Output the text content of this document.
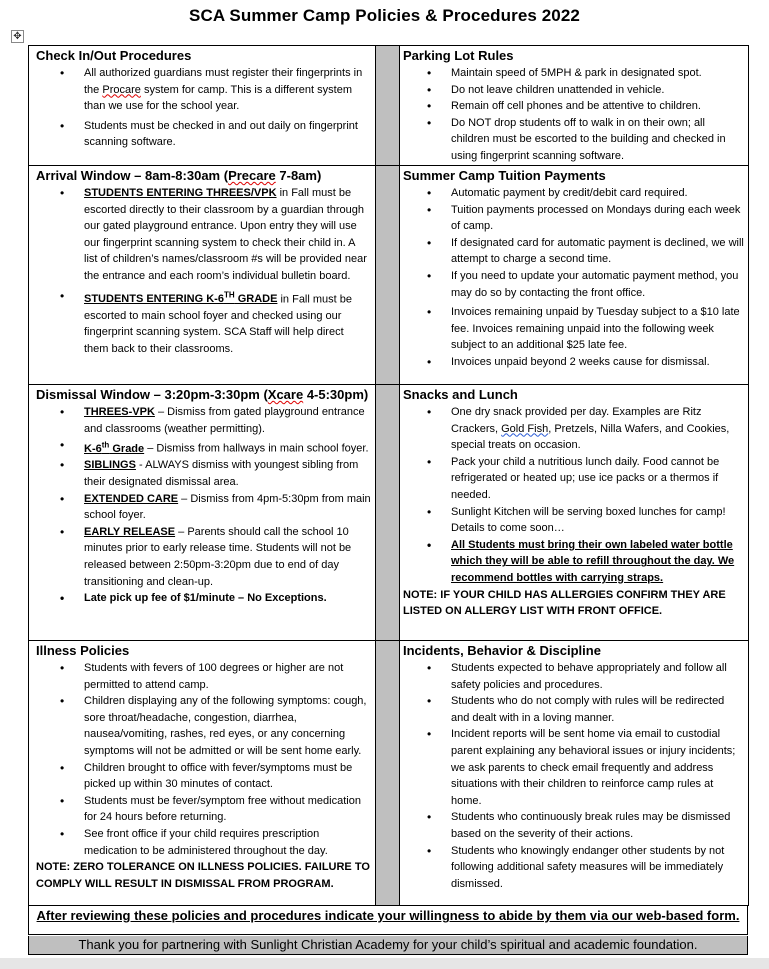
SCA Summer Camp Policies & Procedures 2022
✥
Check In/Out Procedures
• All authorized guardians must register their fingerprints in the Procare system for camp. This is a different system than we use for the school year.
• Students must be checked in and out daily on fingerprint scanning software.
Parking Lot Rules
• Maintain speed of 5MPH & park in designated spot.
• Do not leave children unattended in vehicle.
• Remain off cell phones and be attentive to children.
• Do NOT drop students off to walk in on their own; all children must be escorted to the building and checked in using fingerprint scanning software.
Arrival Window – 8am-8:30am (Precare 7-8am)
• STUDENTS ENTERING THREES/VPK in Fall must be escorted directly to their classroom by a guardian through our gated playground entrance. Upon entry they will use our fingerprint scanning system to check their child in. A list of children’s names/classroom #s will be provided near the entrance and each room’s individual bulletin board.
• STUDENTS ENTERING K-6TH GRADE in Fall must be escorted to main school foyer and checked using our fingerprint scanning system. SCA Staff will help direct them back to their classrooms.
Summer Camp Tuition Payments
• Automatic payment by credit/debit card required.
• Tuition payments processed on Mondays during each week of camp.
• If designated card for automatic payment is declined, we will attempt to charge a second time.
• If you need to update your automatic payment method, you may do so by contacting the front office.
• Invoices remaining unpaid by Tuesday subject to a $10 late fee. Invoices remaining unpaid into the following week subject to an additional $25 late fee.
• Invoices unpaid beyond 2 weeks cause for dismissal.
Dismissal Window – 3:20pm-3:30pm (Xcare 4-5:30pm)
• THREES-VPK – Dismiss from gated playground entrance and classrooms (weather permitting).
• K-6th Grade – Dismiss from hallways in main school foyer.
• SIBLINGS - ALWAYS dismiss with youngest sibling from their designated dismissal area.
• EXTENDED CARE – Dismiss from 4pm-5:30pm from main school foyer.
• EARLY RELEASE – Parents should call the school 10 minutes prior to early release time. Students will not be released between 2:50pm-3:20pm due to end of day transitioning and clean-up.
• Late pick up fee of $1/minute – No Exceptions.
Snacks and Lunch
• One dry snack provided per day. Examples are Ritz Crackers, Gold Fish, Pretzels, Nilla Wafers, and Cookies, special treats on occasion.
• Pack your child a nutritious lunch daily. Food cannot be refrigerated or heated up; use ice packs or a thermos if needed.
• Sunlight Kitchen will be serving boxed lunches for camp! Details to come soon…
• All Students must bring their own labeled water bottle which they will be able to refill throughout the day. We recommend bottles with carrying straps.

NOTE: IF YOUR CHILD HAS ALLERGIES CONFIRM THEY ARE LISTED ON ALLERGY LIST WITH FRONT OFFICE.

Illness Policies
• Students with fevers of 100 degrees or higher are not permitted to attend camp.
• Children displaying any of the following symptoms: cough, sore throat/headache, congestion, diarrhea, nausea/vomiting, rashes, red eyes, or any concerning symptoms will not be admitted or will be sent home early.
• Children brought to office with fever/symptoms must be picked up within 30 minutes of contact.
• Students must be fever/symptom free without medication for 24 hours before returning.
• See front office if your child requires prescription medication to be administered throughout the day.

NOTE: ZERO TOLERANCE ON ILLNESS POLICIES. FAILURE TO COMPLY WILL RESULT IN DISMISSAL FROM PROGRAM.

Incidents, Behavior & Discipline
• Students expected to behave appropriately and follow all safety policies and procedures.
• Students who do not comply with rules will be redirected and dealt with in a loving manner.
• Incident reports will be sent home via email to custodial parent explaining any behavioral issues or injury incidents; we ask parents to check email frequently and address situations with their children to reinforce camp rules at home.
• Students who continuously break rules may be dismissed based on the severity of their actions.
• Students who knowingly endanger other students by not following additional safety measures will be immediately dismissed.
After reviewing these policies and procedures indicate your willingness to abide by them via our web-based form.
Thank you for partnering with Sunlight Christian Academy for your child’s spiritual and academic foundation.
